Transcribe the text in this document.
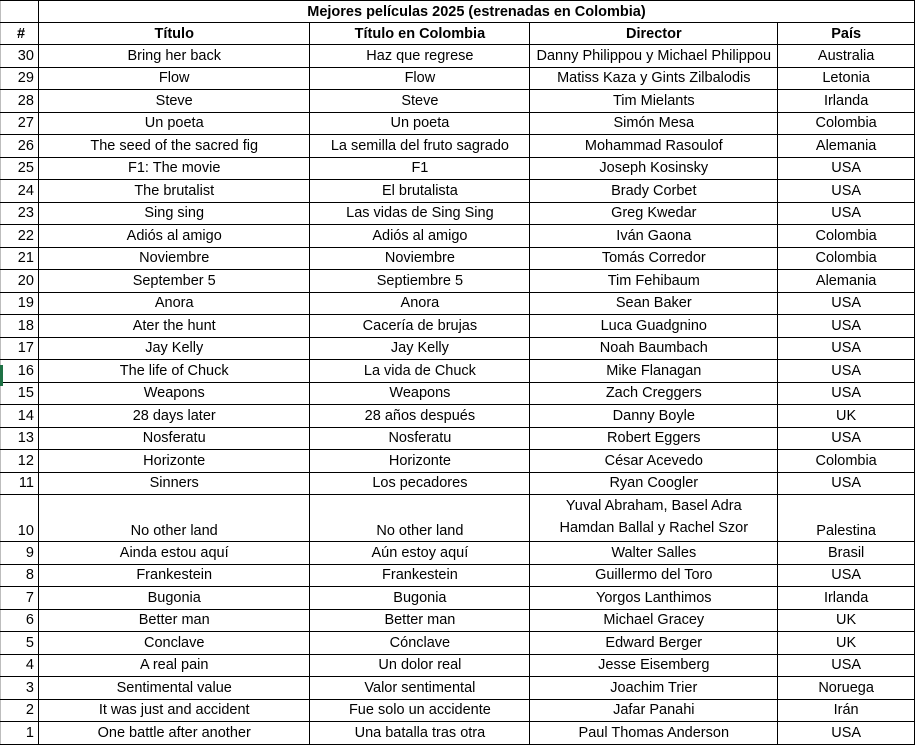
	Mejores películas 2025 (estrenadas en Colombia)			
#	Título	Título en Colombia	Director	País
30	Bring her back	Haz que regrese	Danny Philippou y Michael Philippou	Australia
29	Flow	Flow	Matiss Kaza y Gints Zilbalodis	Letonia
28	Steve	Steve	Tim Mielants	Irlanda
27	Un poeta	Un poeta	Simón Mesa	Colombia
26	The seed of the sacred fig	La semilla del fruto sagrado	Mohammad Rasoulof	Alemania
25	F1: The movie	F1	Joseph Kosinsky	USA
24	The brutalist	El brutalista	Brady Corbet	USA
23	Sing sing	Las vidas de Sing Sing	Greg Kwedar	USA
22	Adiós al amigo	Adiós al amigo	Iván Gaona	Colombia
21	Noviembre	Noviembre	Tomás Corredor	Colombia
20	September 5	Septiembre 5	Tim Fehibaum	Alemania
19	Anora	Anora	Sean Baker	USA
18	Ater the hunt	Cacería de brujas	Luca Guadgnino	USA
17	Jay Kelly	Jay Kelly	Noah Baumbach	USA
16	The life of Chuck	La vida de Chuck	Mike Flanagan	USA
15	Weapons	Weapons	Zach Creggers	USA
14	28 days later	28 años después	Danny Boyle	UK
13	Nosferatu	Nosferatu	Robert Eggers	USA
12	Horizonte	Horizonte	César Acevedo	Colombia
11	Sinners	Los pecadores	Ryan Coogler	USA
10	No other land	No other land	Yuval Abraham, Basel Adra
Hamdan Ballal y Rachel Szor	Palestina
9	Ainda estou aquí	Aún estoy aquí	Walter Salles	Brasil
8	Frankestein	Frankestein	Guillermo del Toro	USA
7	Bugonia	Bugonia	Yorgos Lanthimos	Irlanda
6	Better man	Better man	Michael Gracey	UK
5	Conclave	Cónclave	Edward Berger	UK
4	A real pain	Un dolor real	Jesse Eisemberg	USA
3	Sentimental value	Valor sentimental	Joachim Trier	Noruega
2	It was just and accident	Fue solo un accidente	Jafar Panahi	Irán
1	One battle after another	Una batalla tras otra	Paul Thomas Anderson	USA
